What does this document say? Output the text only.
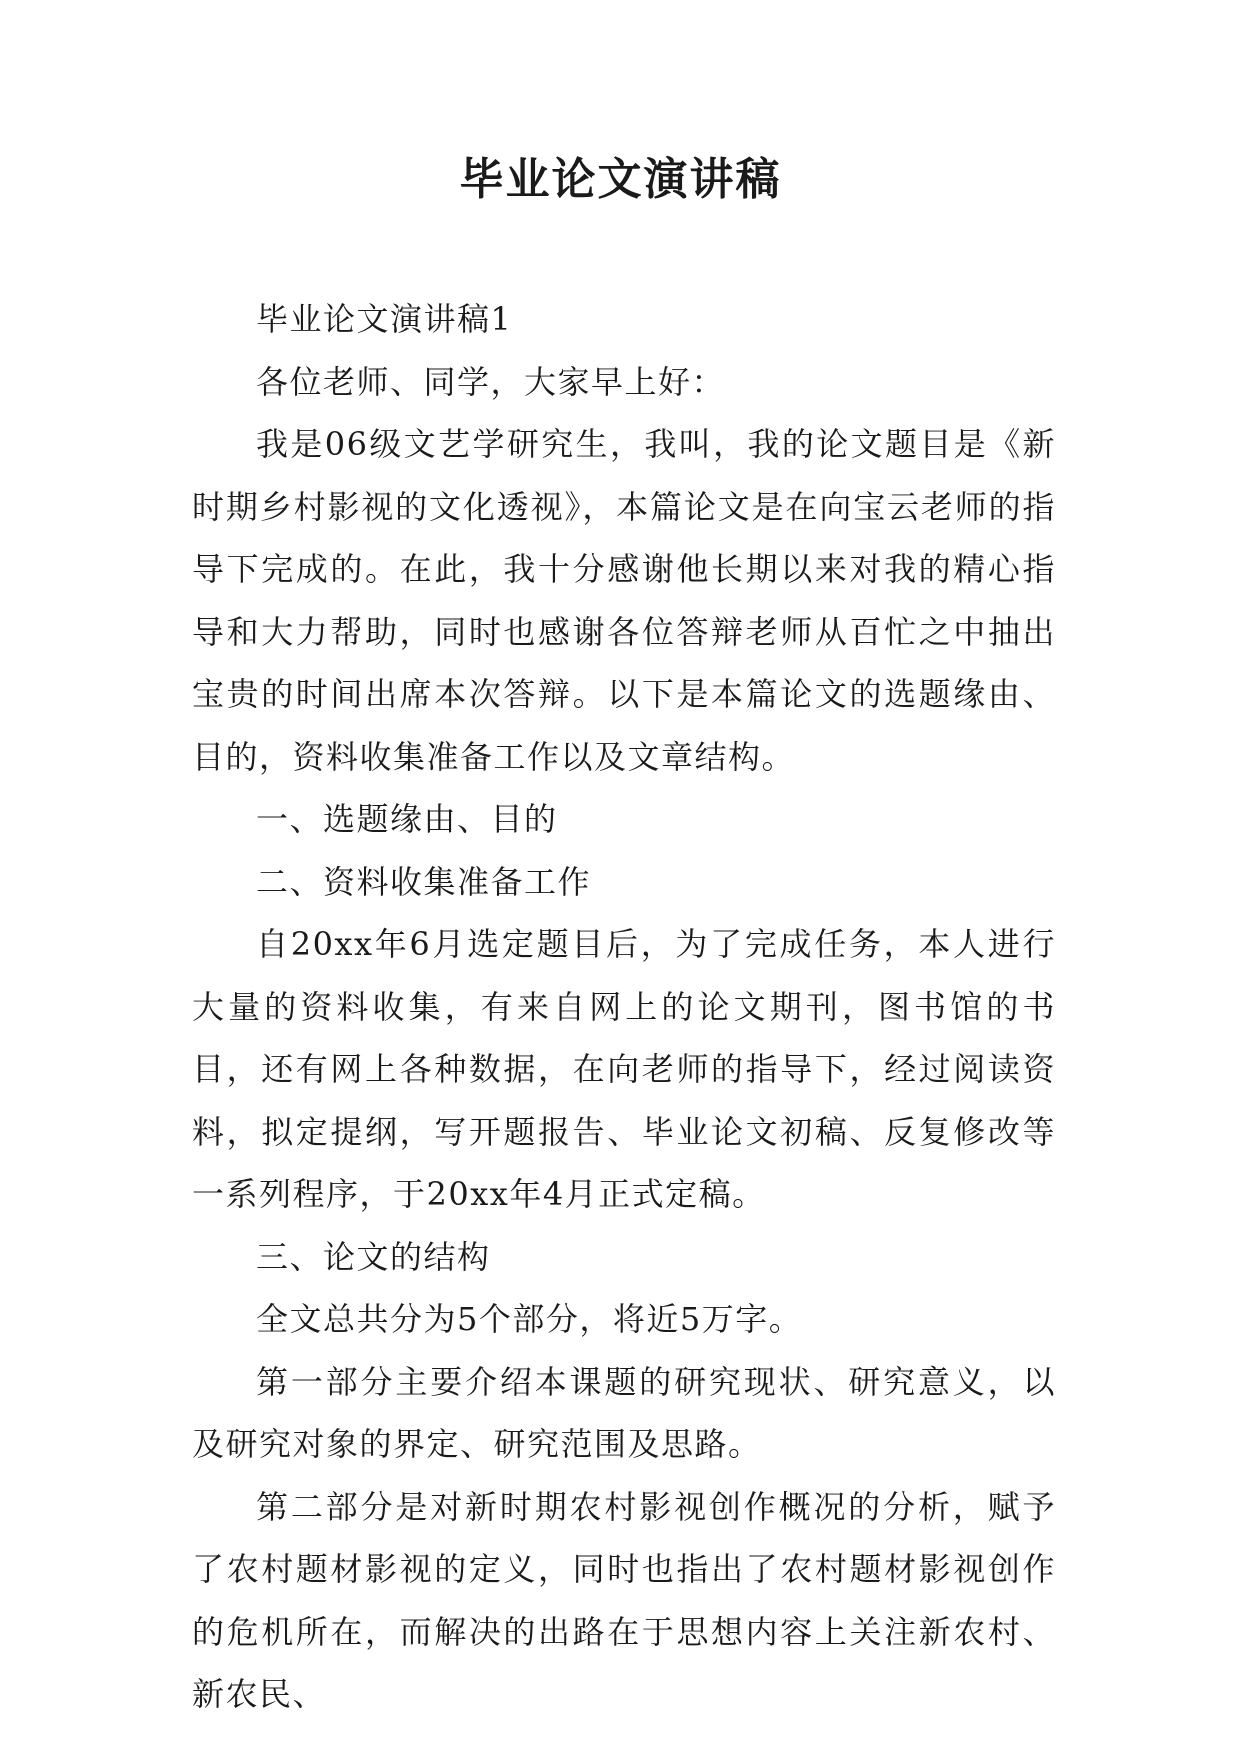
毕业论文演讲稿

毕业论文演讲稿1

各位老师、同学，大家早上好：

我是06级文艺学研究生，我叫，我的论文题目是《新时期乡村影视的文化透视》，本篇论文是在向宝云老师的指导下完成的。在此，我十分感谢他长期以来对我的精心指导和大力帮助，同时也感谢各位答辩老师从百忙之中抽出宝贵的时间出席本次答辩。以下是本篇论文的选题缘由、目的，资料收集准备工作以及文章结构。

一、选题缘由、目的

二、资料收集准备工作

自20xx年6月选定题目后，为了完成任务，本人进行大量的资料收集，有来自网上的论文期刊，图书馆的书目，还有网上各种数据，在向老师的指导下，经过阅读资料，拟定提纲，写开题报告、毕业论文初稿、反复修改等一系列程序，于20xx年4月正式定稿。

三、论文的结构

全文总共分为5个部分，将近5万字。

第一部分主要介绍本课题的研究现状、研究意义，以及研究对象的界定、研究范围及思路。

第二部分是对新时期农村影视创作概况的分析，赋予了农村题材影视的定义，同时也指出了农村题材影视创作的危机所在，而解决的出路在于思想内容上关注新农村、新农民、
